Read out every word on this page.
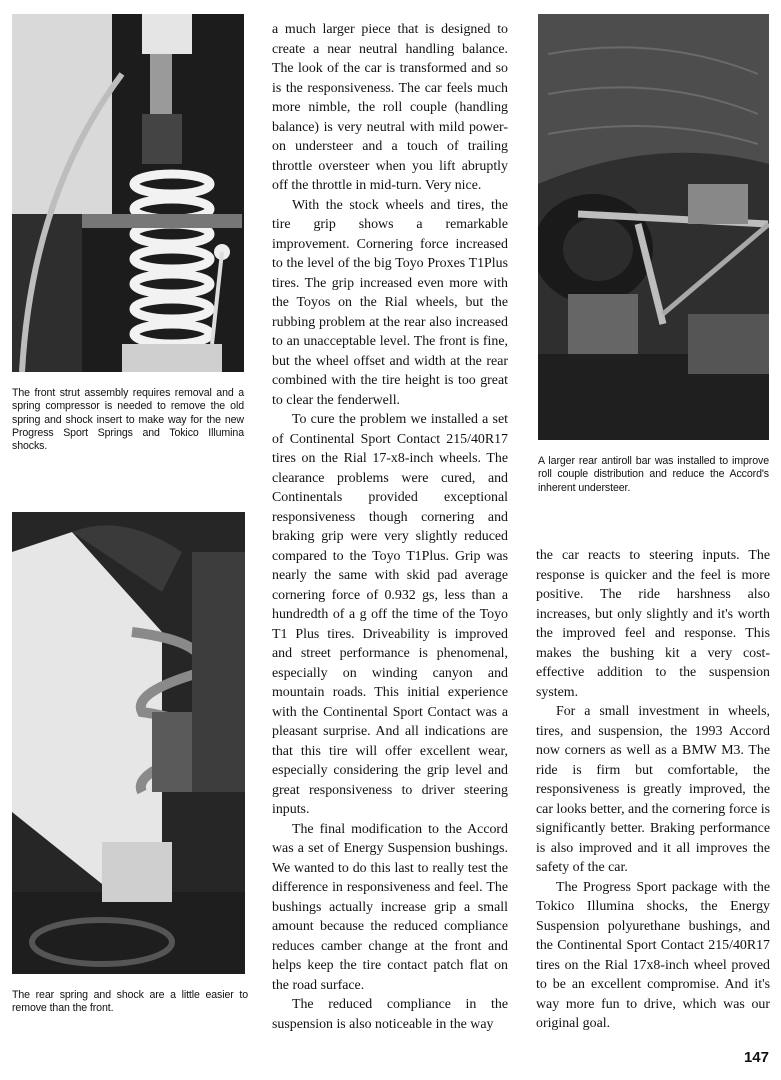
The front strut assembly requires removal and a spring compressor is needed to remove the old spring and shock insert to make way for the new Progress Sport Springs and Tokico Illumina shocks.
The rear spring and shock are a little easier to remove than the front.
A larger rear antiroll bar was installed to improve roll couple distribution and reduce the Accord's inherent understeer.

a much larger piece that is designed to create a near neutral handling balance. The look of the car is transformed and so is the responsiveness. The car feels much more nimble, the roll couple (handling balance) is very neutral with mild power-on understeer and a touch of trailing throttle oversteer when you lift abruptly off the throttle in mid-turn. Very nice.

With the stock wheels and tires, the tire grip shows a remarkable improvement. Cornering force increased to the level of the big Toyo Proxes T1Plus tires. The grip increased even more with the Toyos on the Rial wheels, but the rubbing problem at the rear also increased to an unacceptable level. The front is fine, but the wheel offset and width at the rear combined with the tire height is too great to clear the fenderwell.

To cure the problem we installed a set of Continental Sport Contact 215/40R17 tires on the Rial 17-x8-inch wheels. The clearance problems were cured, and Continentals provided exceptional responsiveness though cornering and braking grip were very slightly reduced compared to the Toyo T1Plus. Grip was nearly the same with skid pad average cornering force of 0.932 gs, less than a hundredth of a g off the time of the Toyo T1 Plus tires. Driveability is improved and street performance is phenomenal, especially on winding canyon and mountain roads. This initial experience with the Continental Sport Contact was a pleasant surprise. And all indications are that this tire will offer excellent wear, especially considering the grip level and great responsiveness to driver steering inputs.

The final modification to the Accord was a set of Energy Suspension bushings. We wanted to do this last to really test the difference in responsiveness and feel. The bushings actually increase grip a small amount because the reduced compliance reduces camber change at the front and helps keep the tire contact patch flat on the road surface.

The reduced compliance in the suspension is also noticeable in the way

the car reacts to steering inputs. The response is quicker and the feel is more positive. The ride harshness also increases, but only slightly and it's worth the improved feel and response. This makes the bushing kit a very cost-effective addition to the suspension system.

For a small investment in wheels, tires, and suspension, the 1993 Accord now corners as well as a BMW M3. The ride is firm but comfortable, the responsiveness is greatly improved, the car looks better, and the cornering force is significantly better. Braking performance is also improved and it all improves the safety of the car.

The Progress Sport package with the Tokico Illumina shocks, the Energy Suspension polyurethane bushings, and the Continental Sport Contact 215/40R17 tires on the Rial 17x8-inch wheel proved to be an excellent compromise. And it's way more fun to drive, which was our original goal.

147
